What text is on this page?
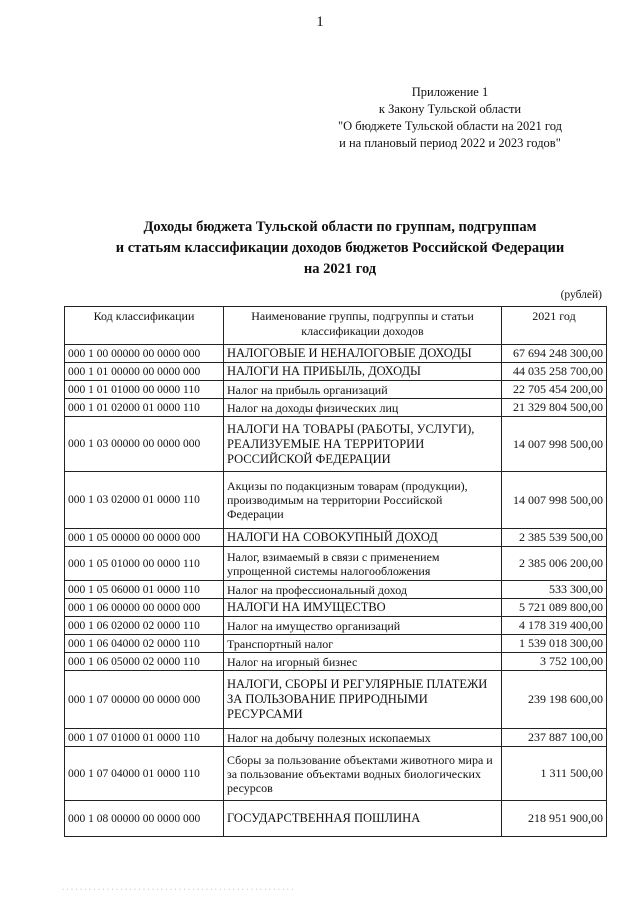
1
Приложение 1
к Закону Тульской области
"О бюджете Тульской области на 2021 год
и на плановый период 2022 и 2023 годов"
Доходы бюджета Тульской области по группам, подгруппам
и статьям классификации доходов бюджетов Российской Федерации
на 2021 год
(рублей)
Код классификации	Наименование группы, подгруппы и статьи классификации доходов	2021 год
000 1 00 00000 00 0000 000	НАЛОГОВЫЕ И НЕНАЛОГОВЫЕ ДОХОДЫ	67 694 248 300,00
000 1 01 00000 00 0000 000	НАЛОГИ НА ПРИБЫЛЬ, ДОХОДЫ	44 035 258 700,00
000 1 01 01000 00 0000 110	Налог на прибыль организаций	22 705 454 200,00
000 1 01 02000 01 0000 110	Налог на доходы физических лиц	21 329 804 500,00
000 1 03 00000 00 0000 000	НАЛОГИ НА ТОВАРЫ (РАБОТЫ, УСЛУГИ), РЕАЛИЗУЕМЫЕ НА ТЕРРИТОРИИ РОССИЙСКОЙ ФЕДЕРАЦИИ	14 007 998 500,00
000 1 03 02000 01 0000 110	Акцизы по подакцизным товарам (продукции), производимым на территории Российской Федерации	14 007 998 500,00
000 1 05 00000 00 0000 000	НАЛОГИ НА СОВОКУПНЫЙ ДОХОД	2 385 539 500,00
000 1 05 01000 00 0000 110	Налог, взимаемый в связи с применением упрощенной системы налогообложения	2 385 006 200,00
000 1 05 06000 01 0000 110	Налог на профессиональный доход	533 300,00
000 1 06 00000 00 0000 000	НАЛОГИ НА ИМУЩЕСТВО	5 721 089 800,00
000 1 06 02000 02 0000 110	Налог на имущество организаций	4 178 319 400,00
000 1 06 04000 02 0000 110	Транспортный налог	1 539 018 300,00
000 1 06 05000 02 0000 110	Налог на игорный бизнес	3 752 100,00
000 1 07 00000 00 0000 000	НАЛОГИ, СБОРЫ И РЕГУЛЯРНЫЕ ПЛАТЕЖИ ЗА ПОЛЬЗОВАНИЕ ПРИРОДНЫМИ РЕСУРСАМИ	239 198 600,00
000 1 07 01000 01 0000 110	Налог на добычу полезных ископаемых	237 887 100,00
000 1 07 04000 01 0000 110	Сборы за пользование объектами животного мира и за пользование объектами водных биологических ресурсов	1 311 500,00
000 1 08 00000 00 0000 000	ГОСУДАРСТВЕННАЯ ПОШЛИНА	218 951 900,00
· · · · · · · · · · · · · · · · · · · · · · · · · · · · · · · · · · · · · · · · · · · · · · · · · · · ·
